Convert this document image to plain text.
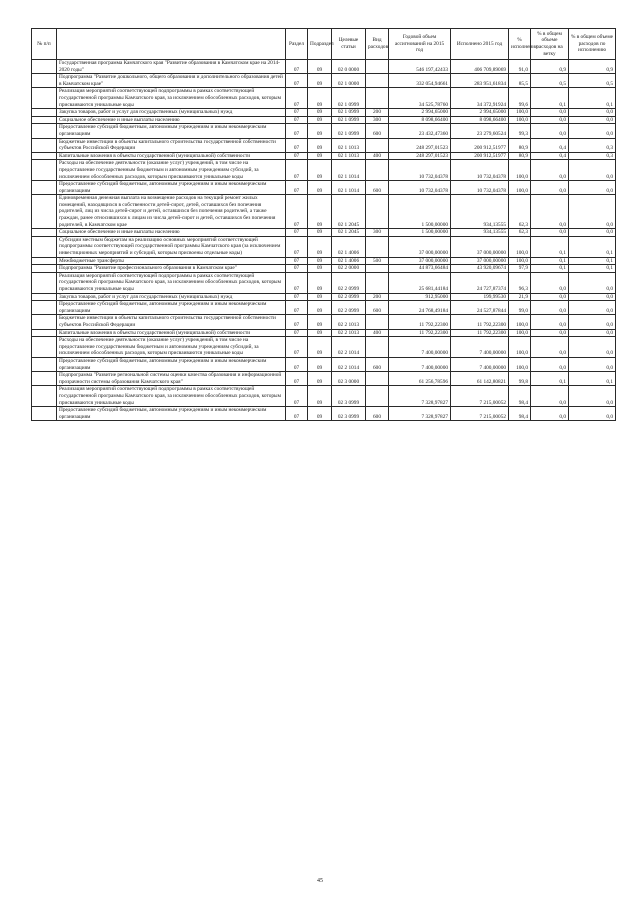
№ п/п		Раздел	Подраздел	Целевые статьи	Вид расходов	Годовой объем ассигнований на 2015 год	Исполнено 2015 год	% исполнения	% в общем объеме расходов на ветку	% в общем объеме расходов по исполнению
	Государственная программа Камчатского края "Развитие образования в Камчатском крае на 2014-2020 годы"	07	09	02 0 0000		546 197,42433	406 709,89069	91,0	0,9	0,9
	Подпрограмма "Развитие дошкольного, общего образования и дополнительного образования детей в Камчатском крае"	07	09	02 1 0000		332 054,94661	283 951,61834	85,5	0,5	0,5
	Реализация мероприятий соответствующей подпрограммы в рамках соответствующей государственной программы Камчатского края, за исключением обособленных расходов, которым присваиваются уникальные коды	07	09	02 1 0999		34 525,78760	34 372,91924	99,6	0,1	0,1
	Закупка товаров, работ и услуг для государственных (муниципальных) нужд	07	09	02 1 0999	200	2 994,65000	2 994,65000	100,0	0,0	0,0
	Социальное обеспечение и иные выплаты населению	07	09	02 1 0999	300	8 098,66400	8 098,66400	100,0	0,0	0,0
	Предоставление субсидий бюджетным, автономным учреждениям и иным некоммерческим организациям	07	09	02 1 0999	600	23 432,47360	23 279,60524	99,3	0,0	0,0
	Бюджетные инвестиции в объекты капитального строительства государственной собственности субъектов Российской Федерации	07	09	02 1 1013		248 297,01523	200 912,51977	80,9	0,4	0,3
	Капитальные вложения в объекты государственной (муниципальной) собственности	07	09	02 1 1013	400	248 297,01523	200 912,51977	80,9	0,4	0,3
	Расходы на обеспечение деятельности (оказание услуг) учреждений, в том числе на предоставление государственным бюджетным и автономным учреждениям субсидий, за исключением обособленных расходов, которым присваиваются уникальные коды	07	09	02 1 1014		10 732,04378	10 732,04378	100,0	0,0	0,0
	Предоставление субсидий бюджетным, автономным учреждениям и иным некоммерческим организациям	07	09	02 1 1014	600	10 732,04378	10 732,04378	100,0	0,0	0,0
	Единовременная денежная выплата на возмещение расходов на текущий ремонт жилых помещений, находящихся в собственности детей-сирот, детей, оставшихся без попечения родителей, лиц из числа детей-сирот и детей, оставшихся без попечения родителей, а также граждан, ранее относившихся к лицам из числа детей-сирот и детей, оставшихся без попечения родителей, в Камчатском крае	07	09	02 1 2045		1 500,00000	934,13555	62,3	0,0	0,0
	Социальное обеспечение и иные выплаты населению	07	09	02 1 2045	300	1 500,00000	934,13555	62,3	0,0	0,0
	Субсидии местным бюджетам на реализацию основных мероприятий соответствующей подпрограммы соответствующей государственной программы Камчатского края (за исключением инвестиционных мероприятий и субсидий, которым присвоены отдельные коды)	07	09	02 1 4006		37 000,00000	37 000,00000	100,0	0,1	0,1
	Межбюджетные трансферты	07	09	02 1 4006	500	37 000,00000	37 000,00000	100,0	0,1	0,1
	Подпрограмма "Развитие профессионального образования в Камчатском крае"	07	09	02 2 0000		44 873,66484	43 920,09674	97,9	0,1	0,1
	Реализация мероприятий соответствующей подпрограммы в рамках соответствующей государственной программы Камчатского края, за исключением обособленных расходов, которым присваиваются уникальные коды	07	09	02 2 0999		25 681,44184	24 727,87374	96,3	0,0	0,0
	Закупка товаров, работ и услуг для государственных (муниципальных) нужд	07	09	02 2 0999	200	912,95000	199,99530	21,9	0,0	0,0
	Предоставление субсидий бюджетным, автономным учреждениям и иным некоммерческим организациям	07	09	02 2 0999	600	24 768,49184	24 527,87844	99,0	0,0	0,0
	Бюджетные инвестиции в объекты капитального строительства государственной собственности субъектов Российской Федерации	07	09	02 2 1013		11 792,22300	11 792,22300	100,0	0,0	0,0
	Капитальные вложения в объекты государственной (муниципальной) собственности	07	09	02 2 1013	400	11 792,22300	11 792,22300	100,0	0,0	0,0
	Расходы на обеспечение деятельности (оказание услуг) учреждений, в том числе на предоставление государственным бюджетным и автономным учреждениям субсидий, за исключением обособленных расходов, которым присваиваются уникальные коды	07	09	02 2 1014		7 400,00000	7 400,00000	100,0	0,0	0,0
	Предоставление субсидий бюджетным, автономным учреждениям и иным некоммерческим организациям	07	09	02 2 1014	600	7 400,00000	7 400,00000	100,0	0,0	0,0
	Подпрограмма "Развитие региональной системы оценки качества образования и информационной прозрачности системы образования Камчатского края"	07	09	02 3 0000		61 256,78596	61 142,80821	99,8	0,1	0,1
	Реализация мероприятий соответствующей подпрограммы в рамках соответствующей государственной программы Камчатского края, за исключением обособленных расходов, которым присваиваются уникальные коды	07	09	02 3 0999		7 328,97827	7 215,00052	98,4	0,0	0,0
	Предоставление субсидий бюджетным, автономным учреждениям и иным некоммерческим организациям	07	09	02 3 0999	600	7 328,97827	7 215,00052	98,4	0,0	0,0
45
